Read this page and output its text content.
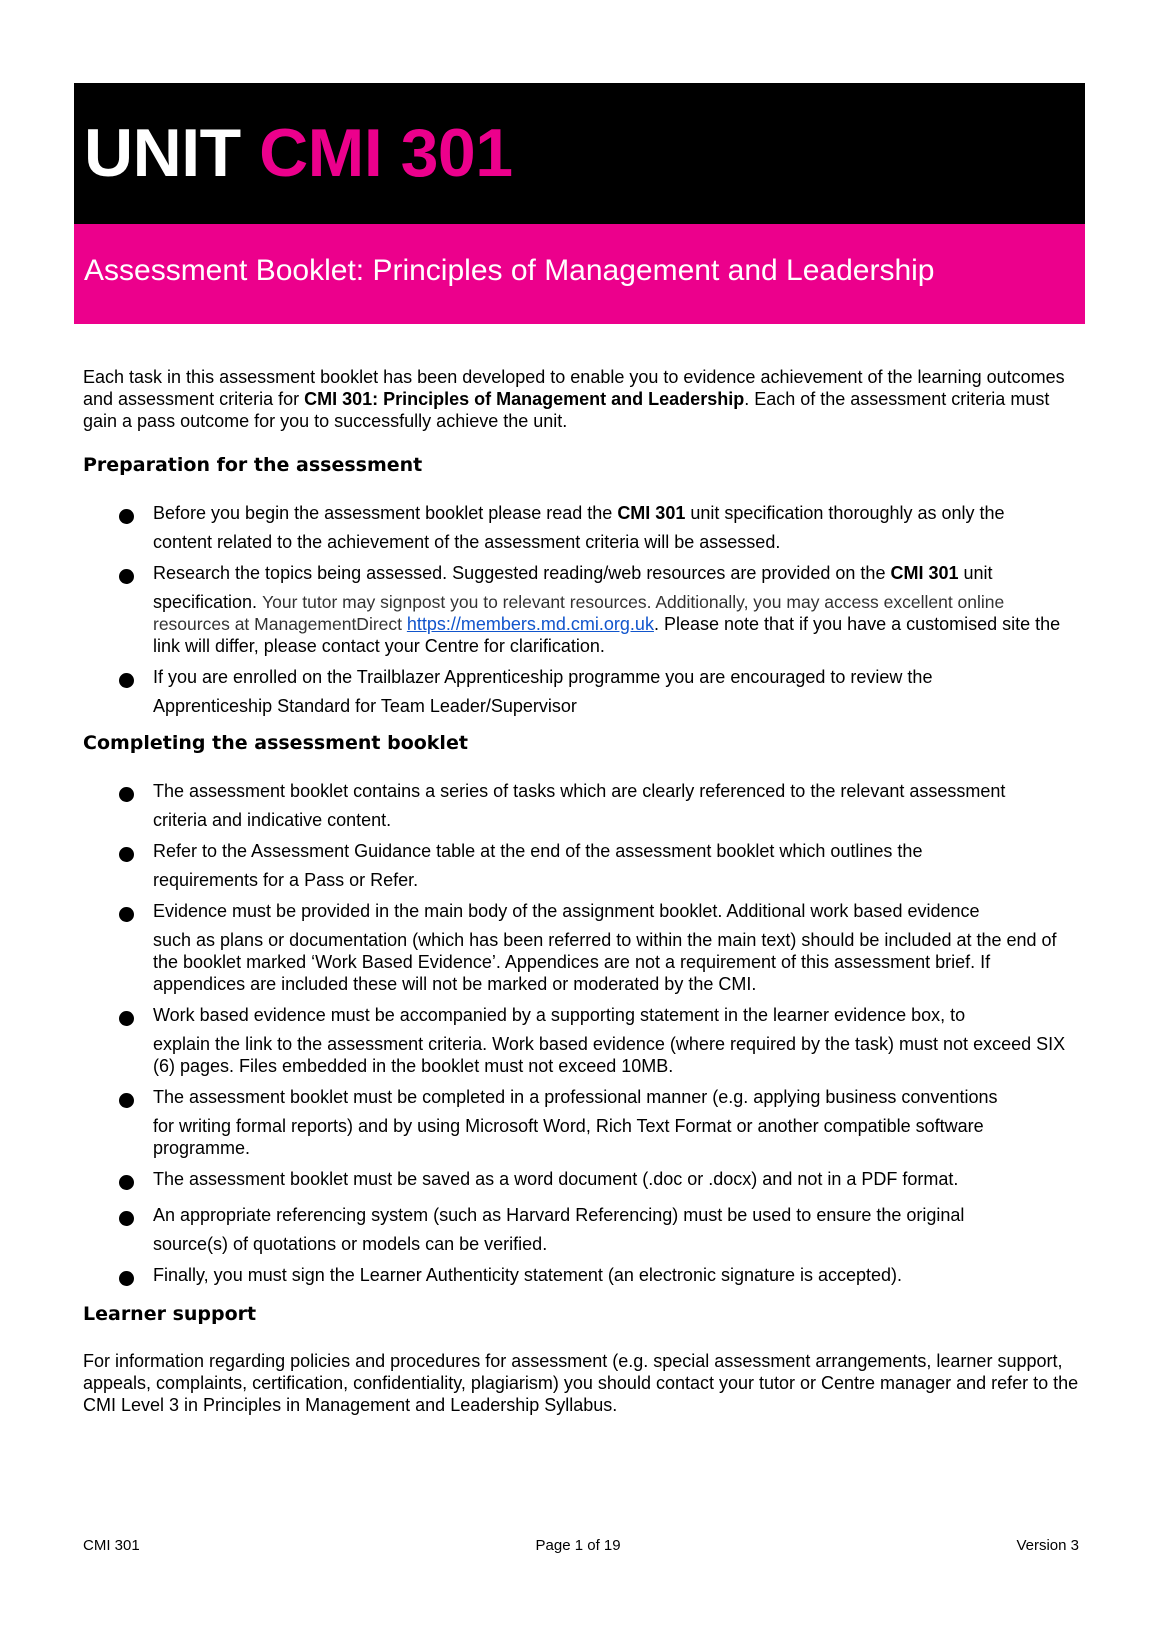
UNIT CMI 301
Assessment Booklet: Principles of Management and Leadership

Each task in this assessment booklet has been developed to enable you to evidence achievement of the learning outcomes and assessment criteria for CMI 301: Principles of Management and Leadership. Each of the assessment criteria must gain a pass outcome for you to successfully achieve the unit.

Preparation for the assessment
Before you begin the assessment booklet please read the CMI 301 unit specification thoroughly as only the
content related to the achievement of the assessment criteria will be assessed.
Research the topics being assessed. Suggested reading/web resources are provided on the CMI 301 unit
specification. Your tutor may signpost you to relevant resources. Additionally, you may access excellent online resources at ManagementDirect https://members.md.cmi.org.uk. Please note that if you have a customised site the link will differ, please contact your Centre for clarification.
If you are enrolled on the Trailblazer Apprenticeship programme you are encouraged to review the
Apprenticeship Standard for Team Leader/Supervisor
Completing the assessment booklet
The assessment booklet contains a series of tasks which are clearly referenced to the relevant assessment
criteria and indicative content.
Refer to the Assessment Guidance table at the end of the assessment booklet which outlines the
requirements for a Pass or Refer.
Evidence must be provided in the main body of the assignment booklet. Additional work based evidence
such as plans or documentation (which has been referred to within the main text) should be included at the end of the booklet marked ‘Work Based Evidence’. Appendices are not a requirement of this assessment brief. If appendices are included these will not be marked or moderated by the CMI.
Work based evidence must be accompanied by a supporting statement in the learner evidence box, to
explain the link to the assessment criteria. Work based evidence (where required by the task) must not exceed SIX (6) pages. Files embedded in the booklet must not exceed 10MB.
The assessment booklet must be completed in a professional manner (e.g. applying business conventions
for writing formal reports) and by using Microsoft Word, Rich Text Format or another compatible software programme.
The assessment booklet must be saved as a word document (.doc or .docx) and not in a PDF format.
An appropriate referencing system (such as Harvard Referencing) must be used to ensure the original
source(s) of quotations or models can be verified.
Finally, you must sign the Learner Authenticity statement (an electronic signature is accepted).
Learner support

For information regarding policies and procedures for assessment (e.g. special assessment arrangements, learner support, appeals, complaints, certification, confidentiality, plagiarism) you should contact your tutor or Centre manager and refer to the CMI Level 3 in Principles in Management and Leadership Syllabus.

CMI 301	Page 1 of 19	Version 3
